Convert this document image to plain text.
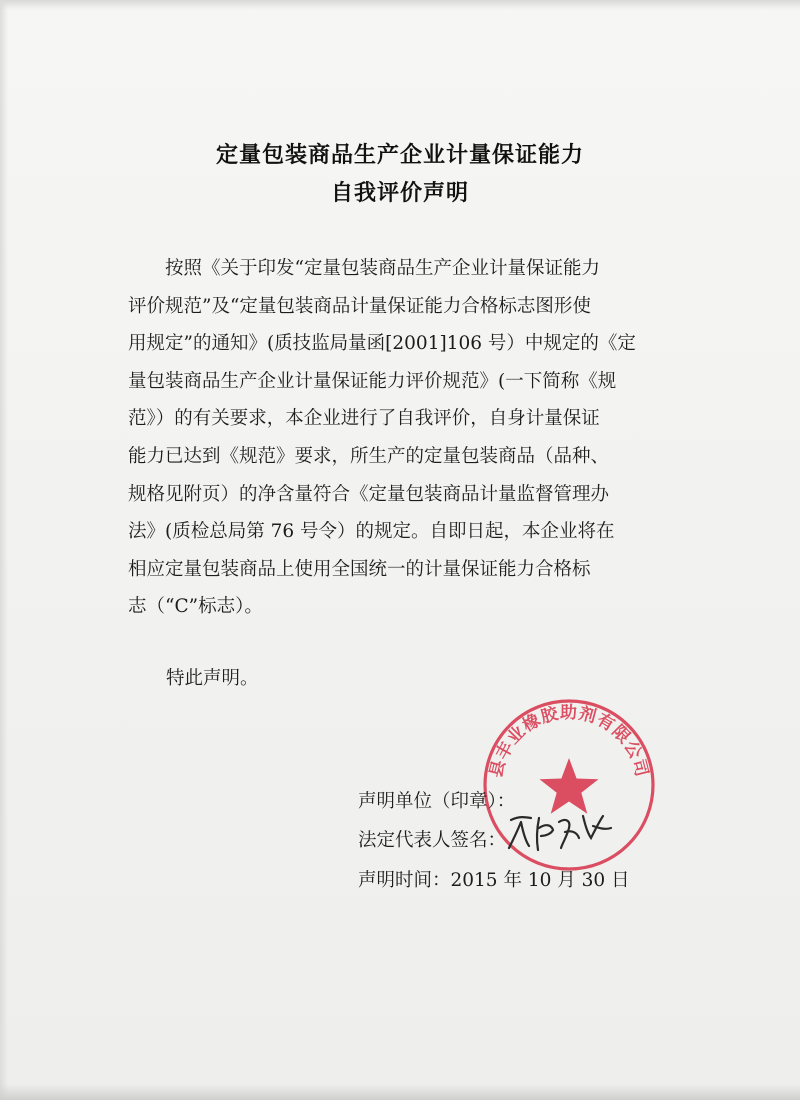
定量包装商品生产企业计量保证能力
自我评价声明
按照《关于印发“定量包装商品生产企业计量保证能力
评价规范”及“定量包装商品计量保证能力合格标志图形使
用规定”的通知》(质技监局量函[2001]106 号）中规定的《定
量包装商品生产企业计量保证能力评价规范》(一下简称《规
范》）的有关要求，本企业进行了自我评价，自身计量保证
能力已达到《规范》要求，所生产的定量包装商品（品种、
规格见附页）的净含量符合《定量包装商品计量监督管理办
法》(质检总局第 76 号令）的规定。自即日起，本企业将在
相应定量包装商品上使用全国统一的计量保证能力合格标
志（“C”标志）。
特此声明。
县丰业橡胶助剂有限公司
声明单位（印章）：
法定代表人签名：
声明时间：2015 年 10 月 30 日
